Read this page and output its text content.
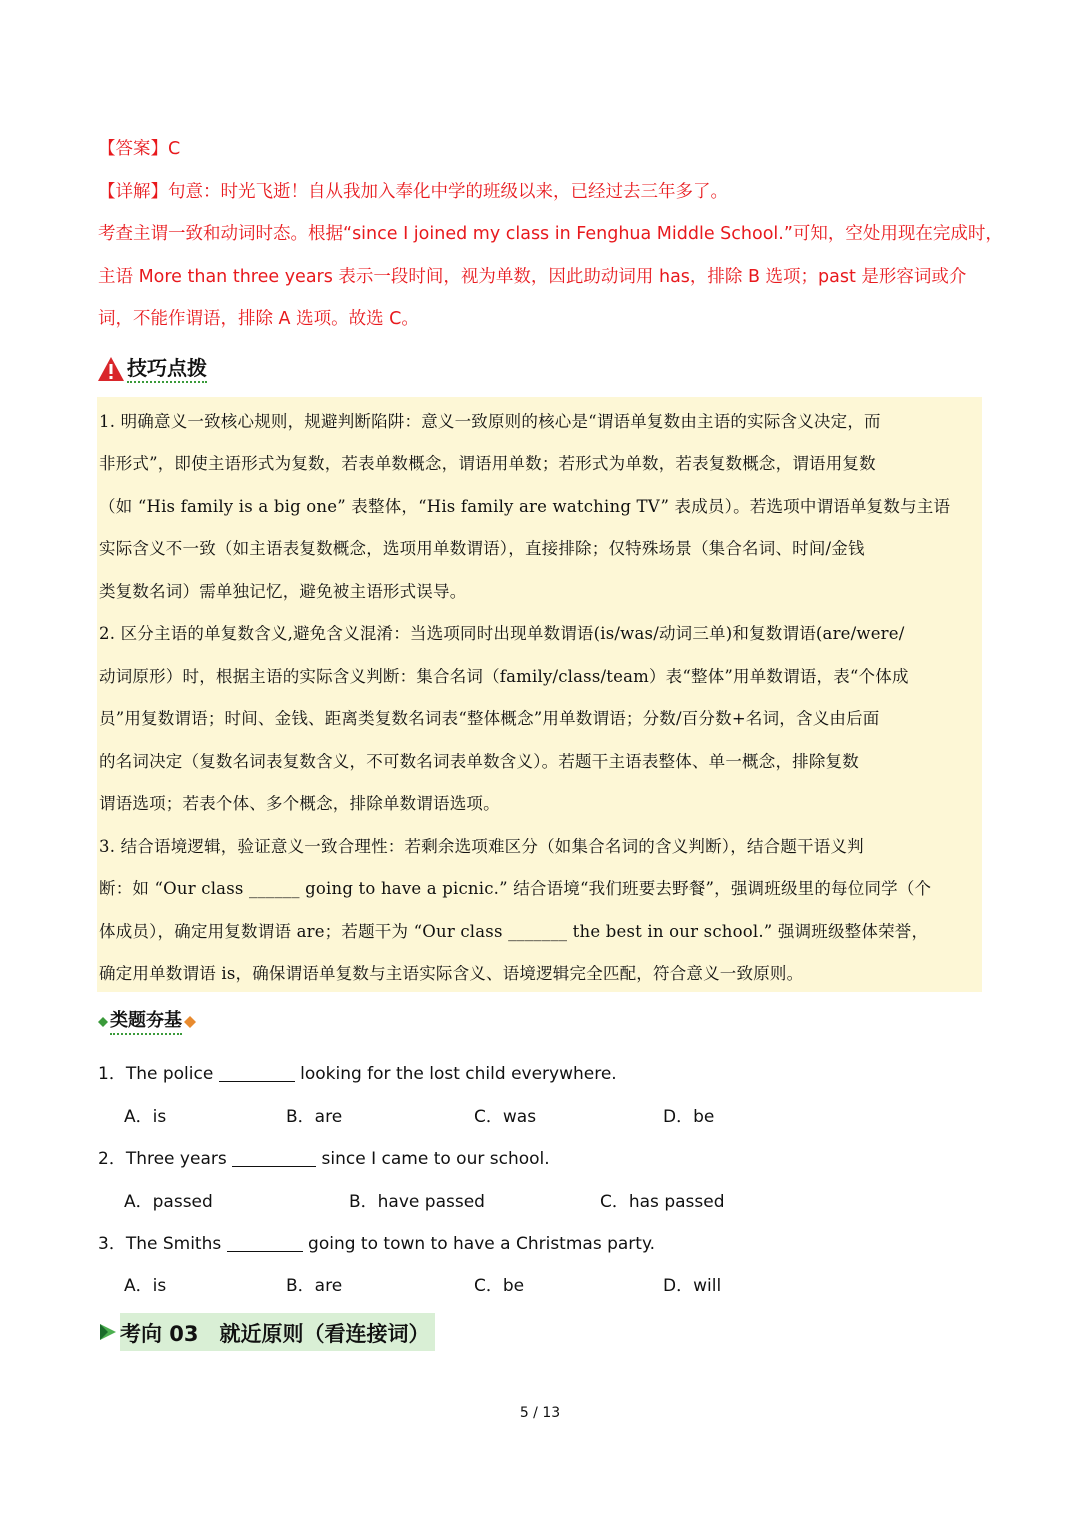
【答案】C
【详解】句意：时光飞逝！自从我加入奉化中学的班级以来，已经过去三年多了。
考查主谓一致和动词时态。根据“since I joined my class in Fenghua Middle School.”可知，空处用现在完成时，
主语 More than three years 表示一段时间，视为单数，因此助动词用 has，排除 B 选项；past 是形容词或介
词，不能作谓语，排除 A 选项。故选 C。
技巧点拨
1. 明确意义一致核心规则，规避判断陷阱：意义一致原则的核心是“谓语单复数由主语的实际含义决定，而
非形式”，即使主语形式为复数，若表单数概念，谓语用单数；若形式为单数，若表复数概念，谓语用复数
（如 “His family is a big one” 表整体，“His family are watching TV” 表成员）。若选项中谓语单复数与主语
实际含义不一致（如主语表复数概念，选项用单数谓语），直接排除；仅特殊场景（集合名词、时间/金钱
类复数名词）需单独记忆，避免被主语形式误导。
2. 区分主语的单复数含义,避免含义混淆：当选项同时出现单数谓语(is/was/动词三单)和复数谓语(are/were/
动词原形）时，根据主语的实际含义判断：集合名词（family/class/team）表“整体”用单数谓语，表“个体成
员”用复数谓语；时间、金钱、距离类复数名词表“整体概念”用单数谓语；分数/百分数+名词，含义由后面
的名词决定（复数名词表复数含义，不可数名词表单数含义）。若题干主语表整体、单一概念，排除复数
谓语选项；若表个体、多个概念，排除单数谓语选项。
3. 结合语境逻辑，验证意义一致合理性：若剩余选项难区分（如集合名词的含义判断），结合题干语义判
断：如 “Our class ______ going to have a picnic.” 结合语境“我们班要去野餐”，强调班级里的每位同学（个
体成员），确定用复数谓语 are；若题干为 “Our class _______ the best in our school.” 强调班级整体荣誉，
确定用单数谓语 is，确保谓语单复数与主语实际含义、语境逻辑完全匹配，符合意义一致原则。
类题夯基
1．The police	looking for the lost child everywhere.
A．is	B．are	C．was	D．be
2．Three years	since I came to our school.
A．passed	B．have passed	C．has passed
3．The Smiths	going to town to have a Christmas party.
A．is	B．are	C．be	D．will
考向 03　就近原则（看连接词）
5 / 13
